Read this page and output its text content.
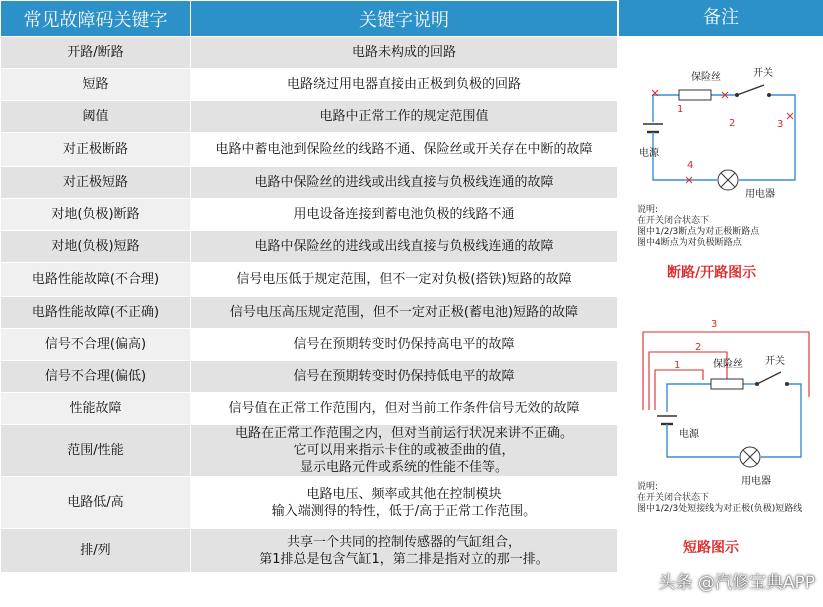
常见故障码关键字	关键字说明
开路/断路	电路未构成的回路
短路	电路绕过用电器直接由正极到负极的回路
阈值	电路中正常工作的规定范围值
对正极断路	电路中蓄电池到保险丝的线路不通、保险丝或开关存在中断的故障
对正极短路	电路中保险丝的进线或出线直接与负极线连通的故障
对地(负极)断路	用电设备连接到蓄电池负极的线路不通
对地(负极)短路	电路中保险丝的进线或出线直接与负极线连通的故障
电路性能故障(不合理)	信号电压低于规定范围，但不一定对负极(搭铁)短路的故障
电路性能故障(不正确)	信号电压高压规定范围，但不一定对正极(蓄电池)短路的故障
信号不合理(偏高)	信号在预期转变时仍保持高电平的故障
信号不合理(偏低)	信号在预期转变时仍保持低电平的故障
性能故障	信号值在正常工作范围内，但对当前工作条件信号无效的故障
范围/性能	电路在正常工作范围之内，但对当前运行状况来讲不正确。
它可以用来指示卡住的或被歪曲的值，
显示电路元件或系统的性能不佳等。
电路低/高	电路电压、频率或其他在控制模块
输入端测得的特性，低于/高于正常工作范围。
排/列	共享一个共同的控制传感器的气缸组合，
第1排总是包含气缸1，第二排是指对立的那一排。
备注
保险丝	开关
电源
用电器
1
2	3
4
说明:
在开关闭合状态下
图中1/2/3断点为对正极断路点
图中4断点为对负极断路点
断路/开路图示
保险丝 开关
电源
用电器
1
2
3
说明:
在开关闭合状态下
图中1/2/3处短接线为对正极(负极)短路线
短路图示
头条 @汽修宝典APP
